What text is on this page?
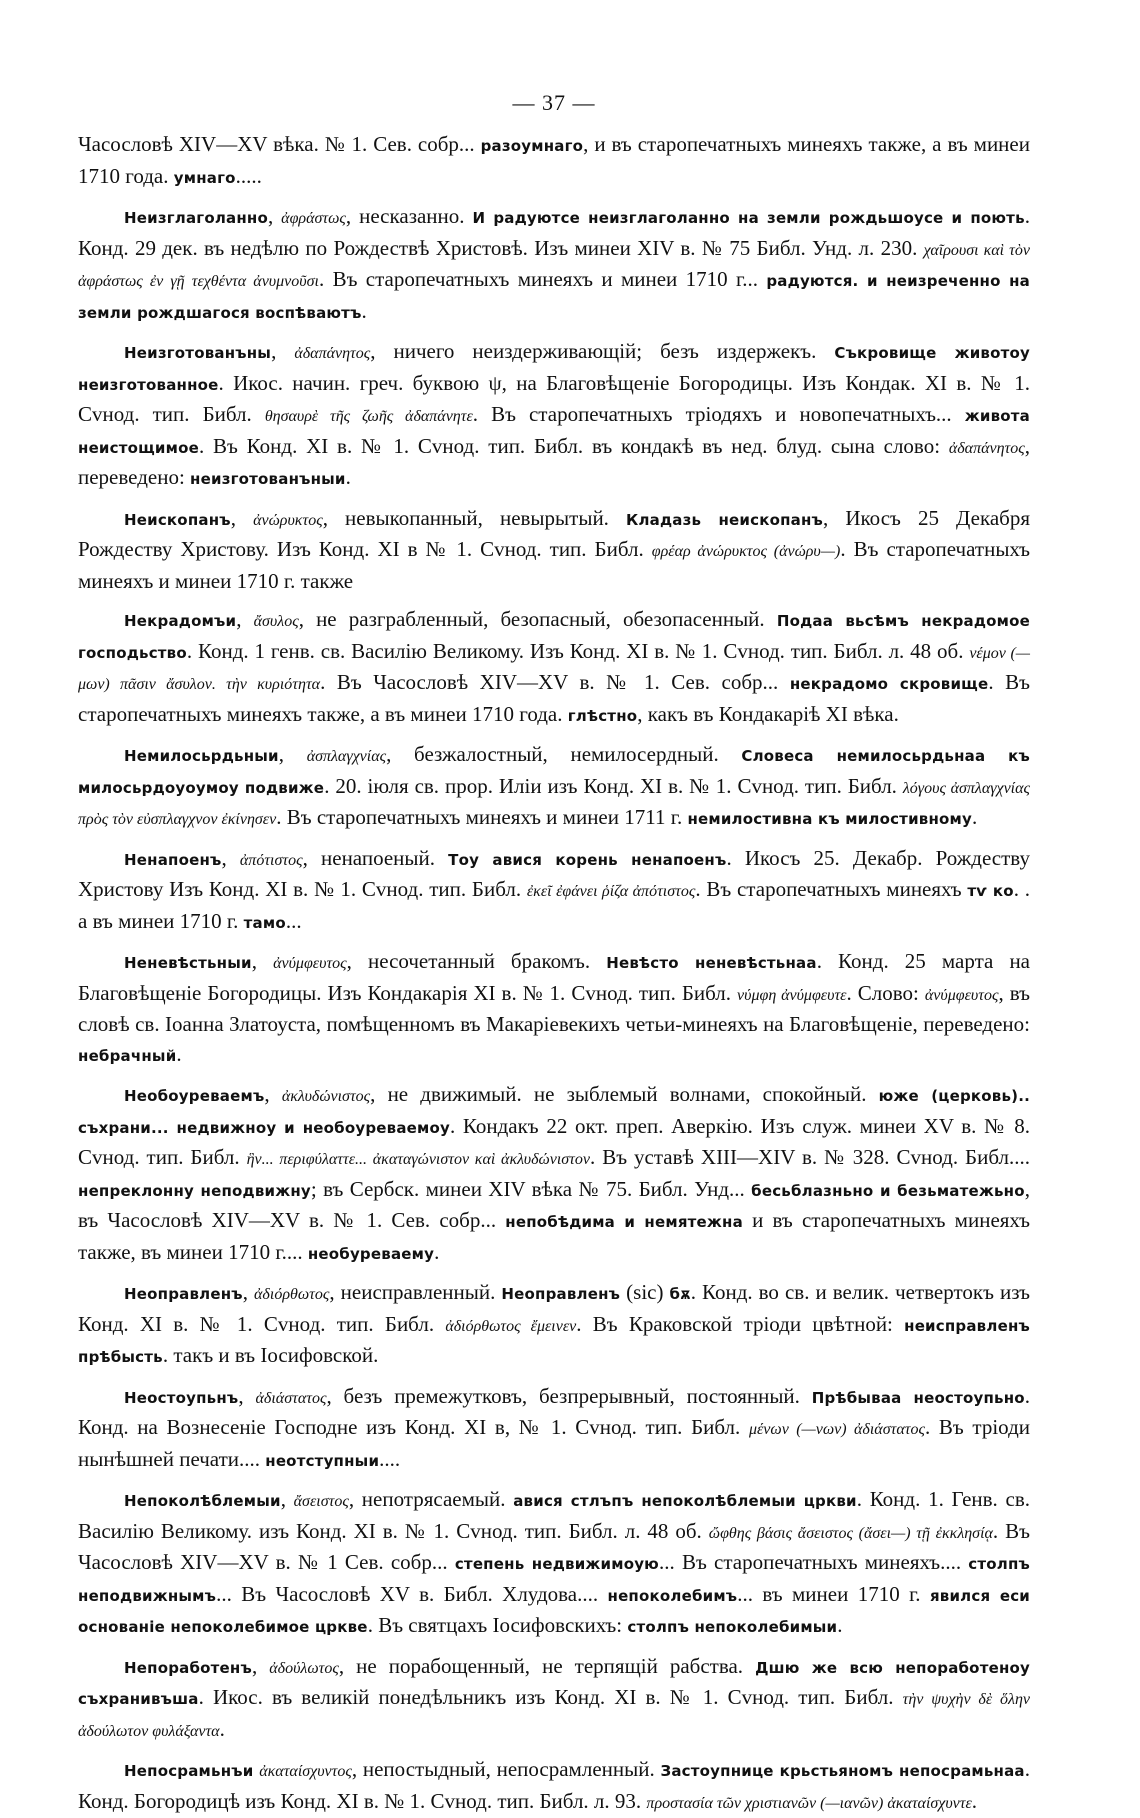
— 37 —

Часословѣ XIV—XV вѣка. № 1. Сев. собр... разоумнаго, и въ старопечатныхъ минеяхъ также, а въ минеи 1710 года. умнаго.....

Неизглаголанно, ἀφράστως, несказанно. И радуютсе неизглаголанно на земли рождьшоусе и поють. Конд. 29 дек. въ недѣлю по Рождествѣ Христовѣ. Изъ минеи XIV в. № 75 Библ. Унд. л. 230. χαῖρουσι καὶ τὸν ἀφράστως ἐν γῇ τεχθέντα ἀνυμνοῦσι. Въ старопечатныхъ минеяхъ и минеи 1710 г... радуются. и неизреченно на земли рождшагося воспѣваютъ.

Неизготованъны, ἀδαπάνητος, ничего неиздерживающій; безъ издержекъ. Съкровище животоу неизготованное. Икос. начин. греч. буквою ψ, на Благовѣщеніе Богородицы. Изъ Кондак. XI в. № 1. Сvнод. тип. Библ. θησαυρὲ τῆς ζωῆς ἀδαπάνητε. Въ старопечатныхъ тріодяхъ и новопечатныхъ... живота неистощимое. Въ Конд. XI в. № 1. Сvнод. тип. Библ. въ кондакѣ въ нед. блуд. сына слово: ἀδαπάνητος, переведено: неизготованъныи.

Неископанъ, ἀνώρυκτος, невыкопанный, невырытый. Кладазь неископанъ, Икосъ 25 Декабря Рождеству Христову. Изъ Конд. XI в № 1. Сvнод. тип. Библ. φρέαρ ἀνώρυκτος (ἀνώρυ—). Въ старопечатныхъ минеяхъ и минеи 1710 г. также

Некрадомъи, ἄσυλος, не разграбленный, безопасный, обезопасенный. Подаа вьсѣмъ некрадомое господьство. Конд. 1 генв. св. Василію Великому. Изъ Конд. XI в. № 1. Сvнод. тип. Библ. л. 48 об. νέμον (—μων) πᾶσιν ἄσυλον. τὴν κυριότητα. Въ Часословѣ XIV—XV в. № 1. Сев. собр... некрадомо скровище. Въ старопечатныхъ минеяхъ также, а въ минеи 1710 года. глѣстно, какъ въ Кондакаріѣ XI вѣка.

Немилосьрдьныи, ἀσπλαγχνίας, безжалостный, немилосердный. Словеса немилосьрдьнаа къ милосьрдоуоумоу подвиже. 20. іюля св. прор. Иліи изъ Конд. XI в. № 1. Сvнод. тип. Библ. λόγους ἀσπλαγχνίας πρὸς τὸν εὐσπλαγχνον ἐκίνησεν. Въ старопечатныхъ минеяхъ и минеи 1711 г. немилостивна къ милостивному.

Ненапоенъ, ἀπότιστος, ненапоеный. Тоу авися корень ненапоенъ. Икосъ 25. Декабр. Рождеству Христову Изъ Конд. XI в. № 1. Сvнод. тип. Библ. ἐκεῖ ἐφάνει ῥίζα ἀπότιστος. Въ старопечатныхъ минеяхъ тѵ ко. . а въ минеи 1710 г. тамо...

Неневѣстьныи, ἀνύμφευτος, несочетанный бракомъ. Невѣсто неневѣстьнаа. Конд. 25 марта на Благовѣщеніе Богородицы. Изъ Кондакарія XI в. № 1. Сvнод. тип. Библ. νύμφη ἀνύμφευτε. Слово: ἀνύμφευτος, въ словѣ св. Іоанна Златоуста, помѣщенномъ въ Макаріевекихъ четьи-минеяхъ на Благовѣщеніе, переведено: небрачный.

Необоуреваемъ, ἀκλυδώνιστος, не движимый. не зыблемый волнами, спокойный. юже (церковь).. съхрани... недвижноу и необоуреваемоу. Кондакъ 22 окт. преп. Аверкію. Изъ служ. минеи XV в. № 8. Сvнод. тип. Библ. ἣν... περιφύλαττε... ἀκαταγώνιστον καὶ ἀκλυδώνιστον. Въ уставѣ XIII—XIV в. № 328. Сvнод. Библ.... непреклонну неподвижну; въ Сербск. минеи XIV вѣка № 75. Библ. Унд... бесьблазньно и безьматежьно, въ Часословѣ XIV—XV в. № 1. Сев. собр... непобѣдима и немятежна и въ старопечатныхъ минеяхъ также, въ минеи 1710 г.... необуреваему.

Неоправленъ, ἀδιόρθωτος, неисправленный. Неоправленъ (sic) бѫ. Конд. во св. и велик. четвертокъ изъ Конд. XI в. № 1. Сvнод. тип. Библ. ἀδιόρθωτος ἔμεινεν. Въ Краковской тріоди цвѣтной: неисправленъ прѣбысть. такъ и въ Іосифовской.

Неостоупьнъ, ἀδιάστατος, безъ премежутковъ, безпрерывный, постоянный. Прѣбываа неостоупьно. Конд. на Вознесеніе Господне изъ Конд. XI в, № 1. Сvнод. тип. Библ. μένων (—νων) ἀδιάστατος. Въ тріоди нынѣшней печати.... неотступныи....

Непоколѣблемыи, ἄσειστος, непотрясаемый. авися стлъпъ непоколѣблемыи цркви. Конд. 1. Генв. св. Василію Великому. изъ Конд. XI в. № 1. Сvнод. тип. Библ. л. 48 об. ὤφθης βάσις ἄσειστος (ἄσει—) τῇ ἐκκλησίᾳ. Въ Часословѣ XIV—XV в. № 1 Сев. собр... степень недвижимоую... Въ старопечатныхъ минеяхъ.... столпъ неподвижнымъ... Въ Часословѣ XV в. Библ. Хлудова.... непоколебимъ... въ минеи 1710 г. явился еси основаніе непоколебимое црквe. Въ святцахъ Іосифовскихъ: столпъ непоколебимыи.

Непоработенъ, ἀδούλωτος, не порабощенный, не терпящій рабства. Дшю же всю непоработеноу съхранивъша. Икос. въ великій понедѣльникъ изъ Конд. XI в. № 1. Сvнод. тип. Библ. τὴν ψυχὴν δὲ ὅλην ἀδούλωτον φυλάξαντα.

Непосрамьнъи ἀκαταίσχυντος, непостыдный, непосрамленный. Застоупнице крьстьяномъ непосрамьнаа. Конд. Богородицѣ изъ Конд. XI в. № 1. Сvнод. тип. Библ. л. 93. προστασία τῶν χριστιανῶν (—ιανῶν) ἀκαταίσχυντε.
